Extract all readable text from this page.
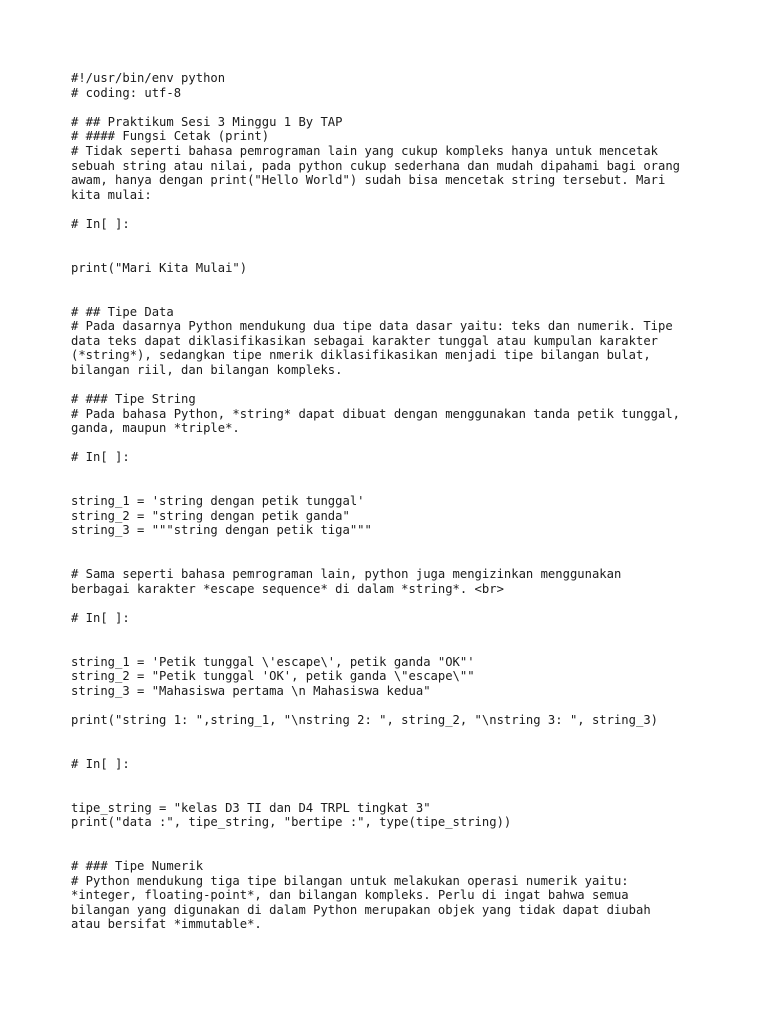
#!/usr/bin/env python
# coding: utf-8
# ## Praktikum Sesi 3 Minggu 1 By TAP
# #### Fungsi Cetak (print)
# Tidak seperti bahasa pemrograman lain yang cukup kompleks hanya untuk mencetak
sebuah string atau nilai, pada python cukup sederhana dan mudah dipahami bagi orang
awam, hanya dengan print("Hello World") sudah bisa mencetak string tersebut. Mari
kita mulai:
# In[ ]:
print("Mari Kita Mulai")
# ## Tipe Data
# Pada dasarnya Python mendukung dua tipe data dasar yaitu: teks dan numerik. Tipe
data teks dapat diklasifikasikan sebagai karakter tunggal atau kumpulan karakter
(*string*), sedangkan tipe nmerik diklasifikasikan menjadi tipe bilangan bulat,
bilangan riil, dan bilangan kompleks.
# ### Tipe String
# Pada bahasa Python, *string* dapat dibuat dengan menggunakan tanda petik tunggal,
ganda, maupun *triple*.
# In[ ]:
string_1 = 'string dengan petik tunggal'
string_2 = "string dengan petik ganda"
string_3 = """string dengan petik tiga"""
# Sama seperti bahasa pemrograman lain, python juga mengizinkan menggunakan
berbagai karakter *escape sequence* di dalam *string*. <br>
# In[ ]:
string_1 = 'Petik tunggal \'escape\', petik ganda "OK"'
string_2 = "Petik tunggal 'OK', petik ganda \"escape\""
string_3 = "Mahasiswa pertama \n Mahasiswa kedua"
print("string 1: ",string_1, "\nstring 2: ", string_2, "\nstring 3: ", string_3)
# In[ ]:
tipe_string = "kelas D3 TI dan D4 TRPL tingkat 3"
print("data :", tipe_string, "bertipe :", type(tipe_string))
# ### Tipe Numerik
# Python mendukung tiga tipe bilangan untuk melakukan operasi numerik yaitu:
*integer, floating-point*, dan bilangan kompleks. Perlu di ingat bahwa semua
bilangan yang digunakan di dalam Python merupakan objek yang tidak dapat diubah
atau bersifat *immutable*.
